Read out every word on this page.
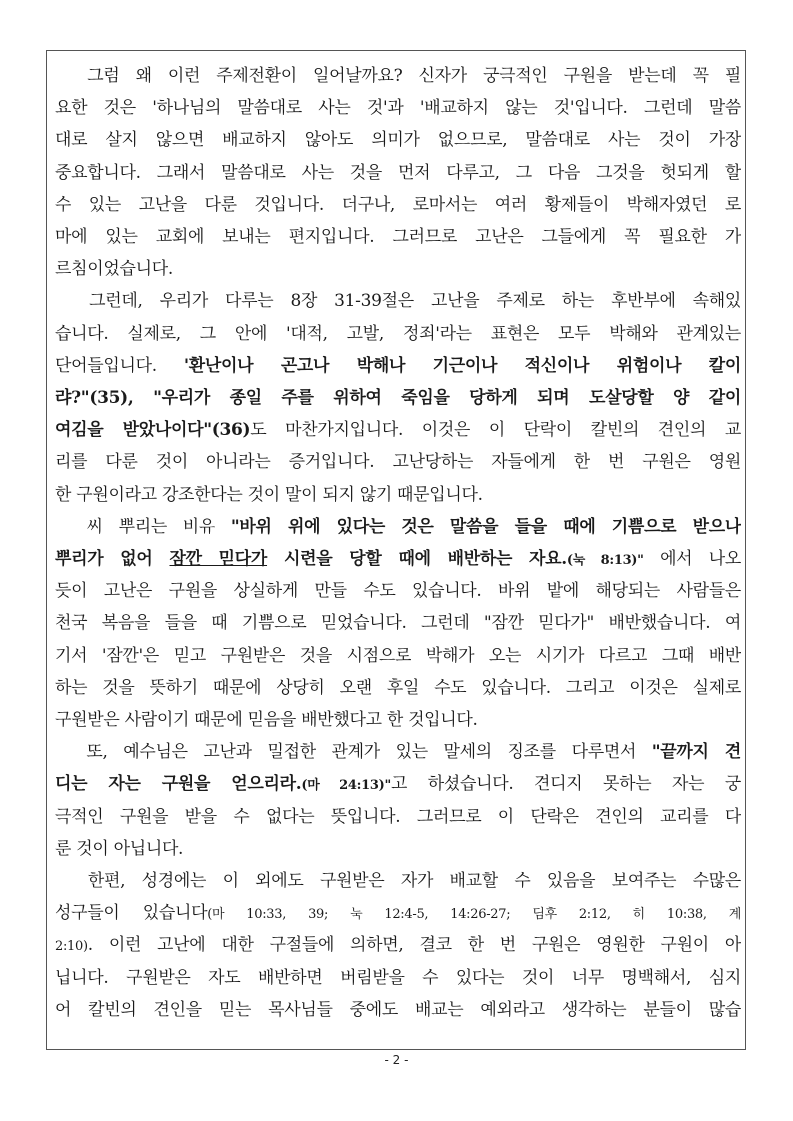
그럼 왜 이런 주제전환이 일어날까요? 신자가 궁극적인 구원을 받는데 꼭 필
요한 것은 '하나님의 말씀대로 사는 것'과 '배교하지 않는 것'입니다. 그런데 말씀
대로 살지 않으면 배교하지 않아도 의미가 없으므로, 말씀대로 사는 것이 가장
중요합니다. 그래서 말씀대로 사는 것을 먼저 다루고, 그 다음 그것을 헛되게 할
수 있는 고난을 다룬 것입니다. 더구나, 로마서는 여러 황제들이 박해자였던 로
마에 있는 교회에 보내는 편지입니다. 그러므로 고난은 그들에게 꼭 필요한 가
르침이었습니다.
그런데, 우리가 다루는 8장 31-39절은 고난을 주제로 하는 후반부에 속해있
습니다. 실제로, 그 안에 '대적, 고발, 정죄'라는 표현은 모두 박해와 관계있는
단어들입니다. '환난이나 곤고나 박해나 기근이나 적신이나 위험이나 칼이
랴?"(35), "우리가 종일 주를 위하여 죽임을 당하게 되며 도살당할 양 같이
여김을 받았나이다"(36)도 마찬가지입니다. 이것은 이 단락이 칼빈의 견인의 교
리를 다룬 것이 아니라는 증거입니다. 고난당하는 자들에게 한 번 구원은 영원
한 구원이라고 강조한다는 것이 말이 되지 않기 때문입니다.
씨 뿌리는 비유 "바위 위에 있다는 것은 말씀을 들을 때에 기쁨으로 받으나
뿌리가 없어 잠깐 믿다가 시련을 당할 때에 배반하는 자요.(눅 8:13)" 에서 나오
듯이 고난은 구원을 상실하게 만들 수도 있습니다. 바위 밭에 해당되는 사람들은
천국 복음을 들을 때 기쁨으로 믿었습니다. 그런데 "잠깐 믿다가" 배반했습니다. 여
기서 '잠깐'은 믿고 구원받은 것을 시점으로 박해가 오는 시기가 다르고 그때 배반
하는 것을 뜻하기 때문에 상당히 오랜 후일 수도 있습니다. 그리고 이것은 실제로
구원받은 사람이기 때문에 믿음을 배반했다고 한 것입니다.
또, 예수님은 고난과 밀접한 관계가 있는 말세의 징조를 다루면서 "끝까지 견
디는 자는 구원을 얻으리라.(마 24:13)"고 하셨습니다. 견디지 못하는 자는 궁
극적인 구원을 받을 수 없다는 뜻입니다. 그러므로 이 단락은 견인의 교리를 다
룬 것이 아닙니다.
한편, 성경에는 이 외에도 구원받은 자가 배교할 수 있음을 보여주는 수많은
성구들이 있습니다(마 10:33, 39; 눅 12:4-5, 14:26-27; 딤후 2:12, 히 10:38, 계
2:10). 이런 고난에 대한 구절들에 의하면, 결코 한 번 구원은 영원한 구원이 아
닙니다. 구원받은 자도 배반하면 버림받을 수 있다는 것이 너무 명백해서, 심지
어 칼빈의 견인을 믿는 목사님들 중에도 배교는 예외라고 생각하는 분들이 많습
- 2 -
